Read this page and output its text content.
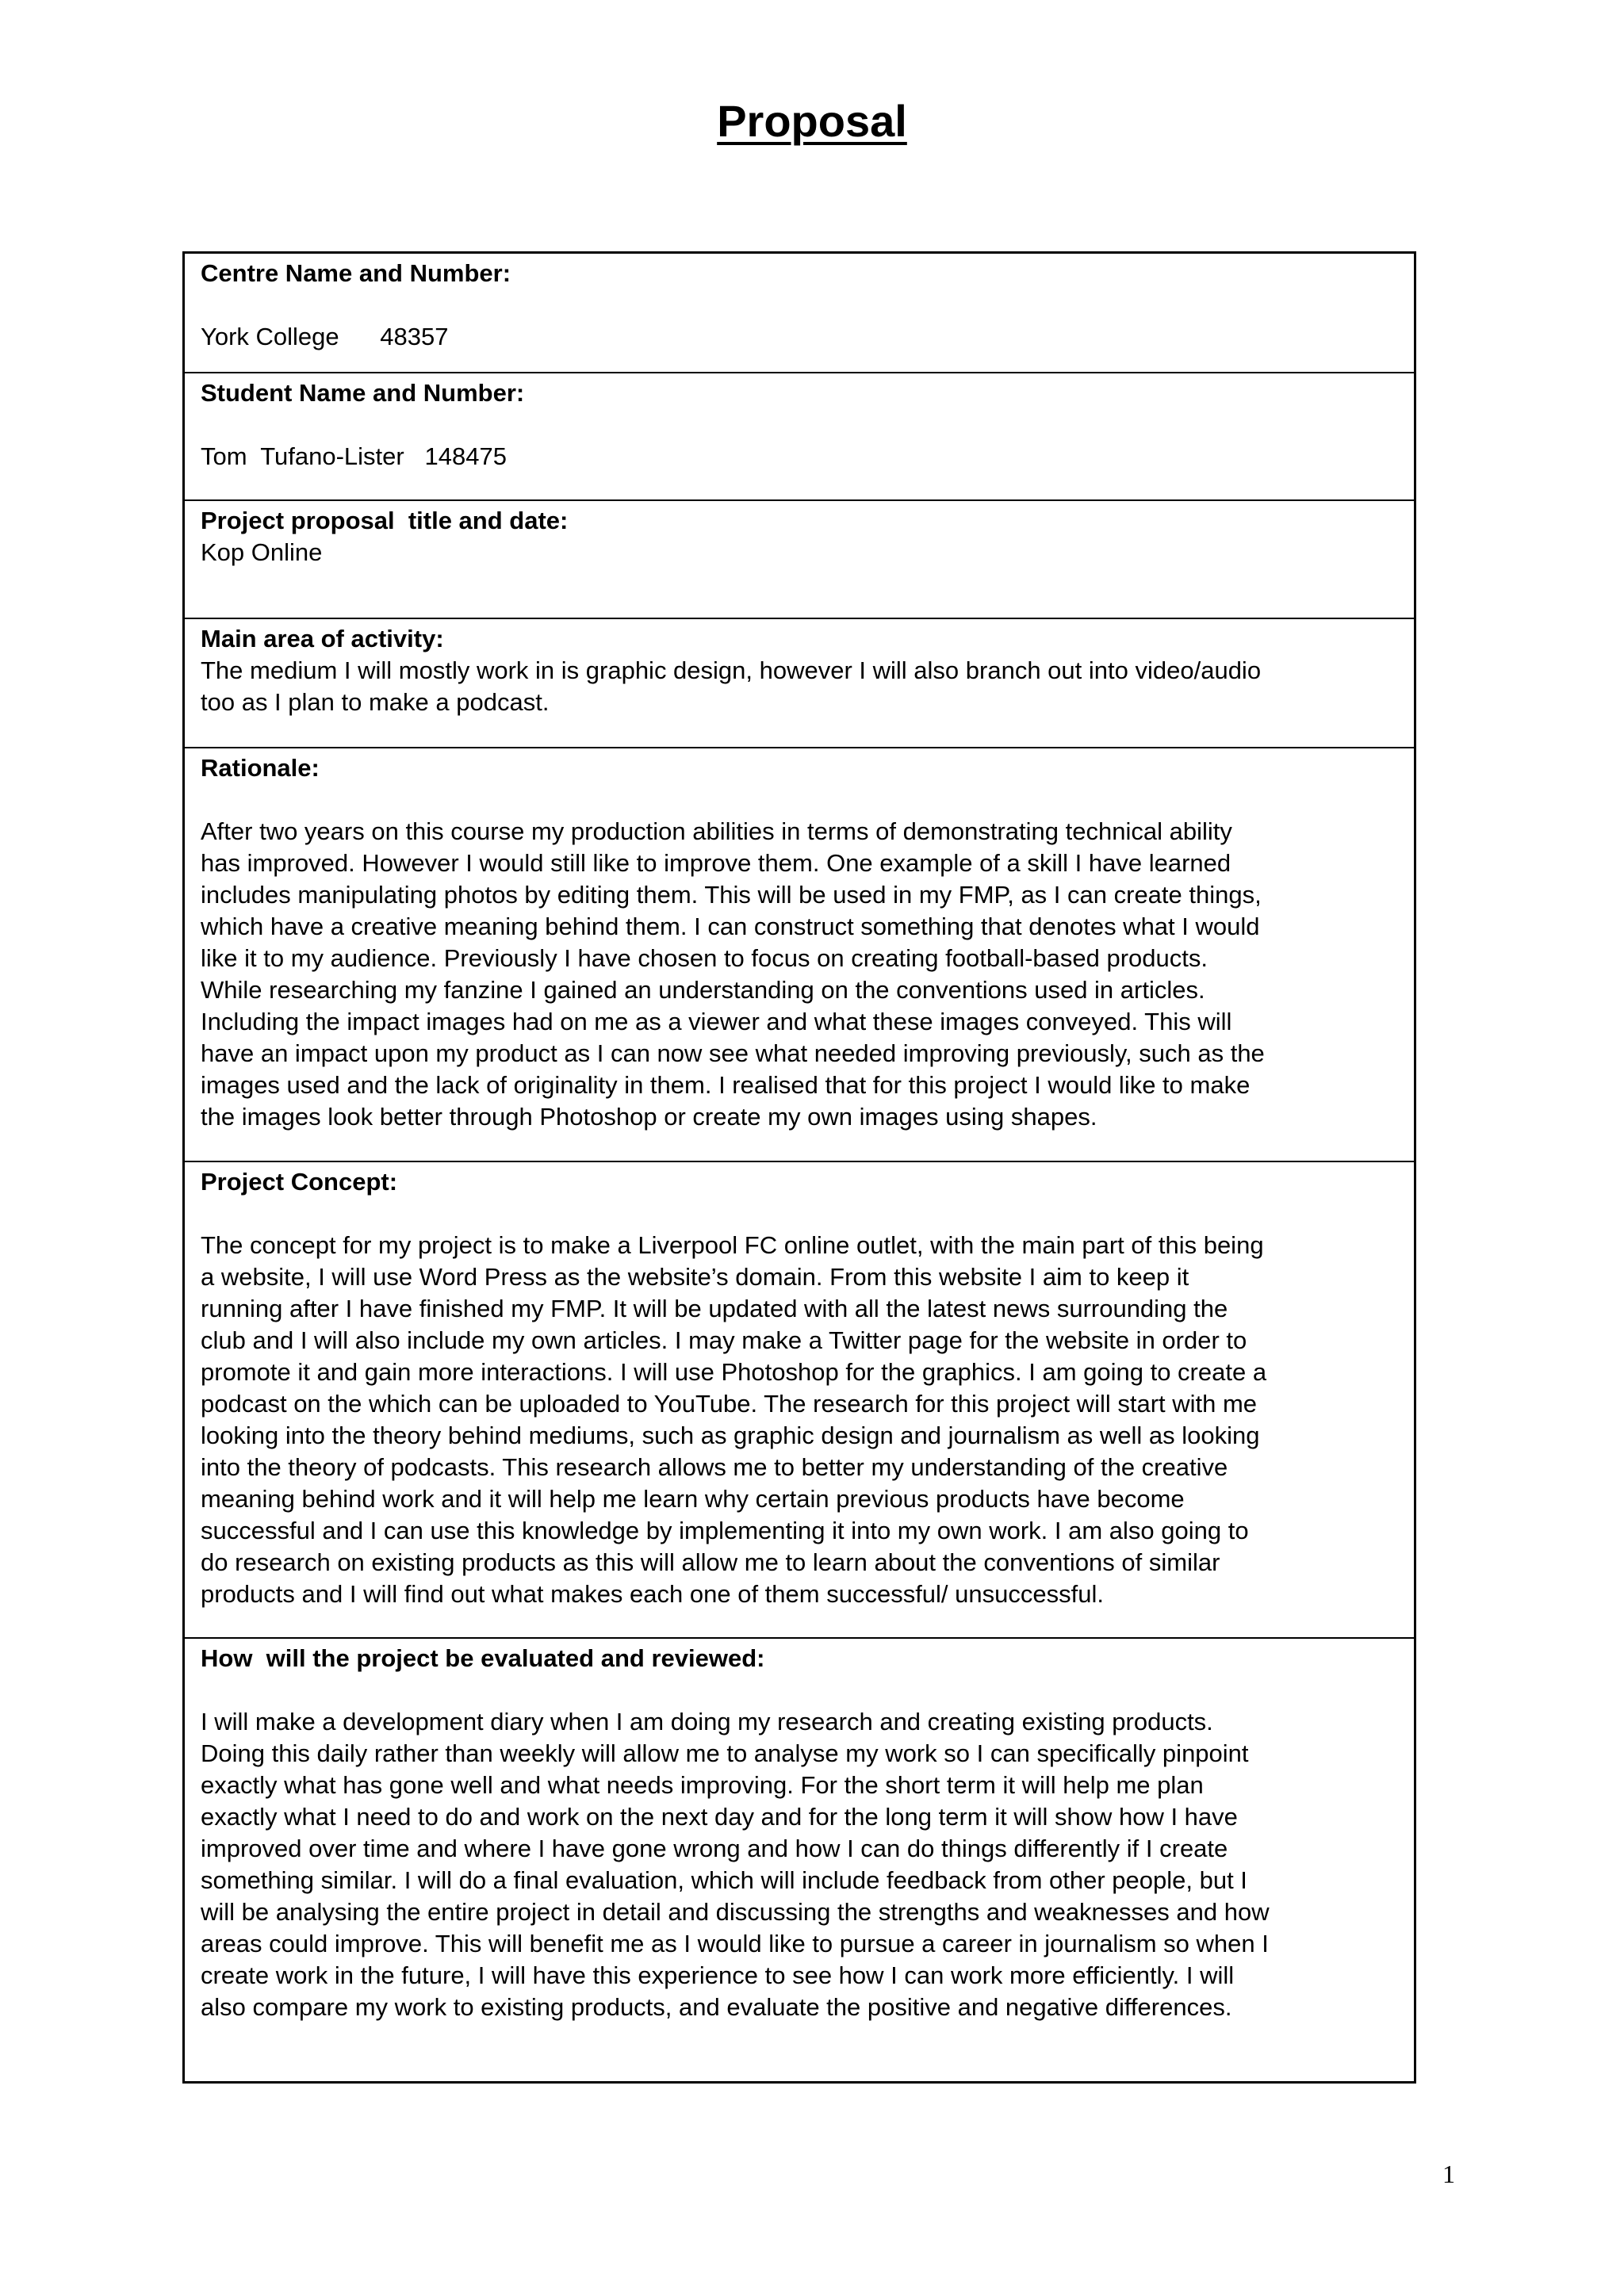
Proposal
Centre Name and Number:
York College      48357
Student Name and Number:
Tom  Tufano-Lister   148475
Project proposal  title and date:
Kop Online
Main area of activity:
The medium I will mostly work in is graphic design, however I will also branch out into video/audio
too as I plan to make a podcast.
Rationale:
After two years on this course my production abilities in terms of demonstrating technical ability
has improved. However I would still like to improve them. One example of a skill I have learned
includes manipulating photos by editing them. This will be used in my FMP, as I can create things,
which have a creative meaning behind them. I can construct something that denotes what I would
like it to my audience. Previously I have chosen to focus on creating football-based products.
While researching my fanzine I gained an understanding on the conventions used in articles.
Including the impact images had on me as a viewer and what these images conveyed. This will
have an impact upon my product as I can now see what needed improving previously, such as the
images used and the lack of originality in them. I realised that for this project I would like to make
the images look better through Photoshop or create my own images using shapes.
Project Concept:
The concept for my project is to make a Liverpool FC online outlet, with the main part of this being
a website, I will use Word Press as the website’s domain. From this website I aim to keep it
running after I have finished my FMP. It will be updated with all the latest news surrounding the
club and I will also include my own articles. I may make a Twitter page for the website in order to
promote it and gain more interactions. I will use Photoshop for the graphics. I am going to create a
podcast on the which can be uploaded to YouTube. The research for this project will start with me
looking into the theory behind mediums, such as graphic design and journalism as well as looking
into the theory of podcasts. This research allows me to better my understanding of the creative
meaning behind work and it will help me learn why certain previous products have become
successful and I can use this knowledge by implementing it into my own work. I am also going to
do research on existing products as this will allow me to learn about the conventions of similar
products and I will find out what makes each one of them successful/ unsuccessful.
How  will the project be evaluated and reviewed:
I will make a development diary when I am doing my research and creating existing products.
Doing this daily rather than weekly will allow me to analyse my work so I can specifically pinpoint
exactly what has gone well and what needs improving. For the short term it will help me plan
exactly what I need to do and work on the next day and for the long term it will show how I have
improved over time and where I have gone wrong and how I can do things differently if I create
something similar. I will do a final evaluation, which will include feedback from other people, but I
will be analysing the entire project in detail and discussing the strengths and weaknesses and how
areas could improve. This will benefit me as I would like to pursue a career in journalism so when I
create work in the future, I will have this experience to see how I can work more efficiently. I will
also compare my work to existing products, and evaluate the positive and negative differences.
1
